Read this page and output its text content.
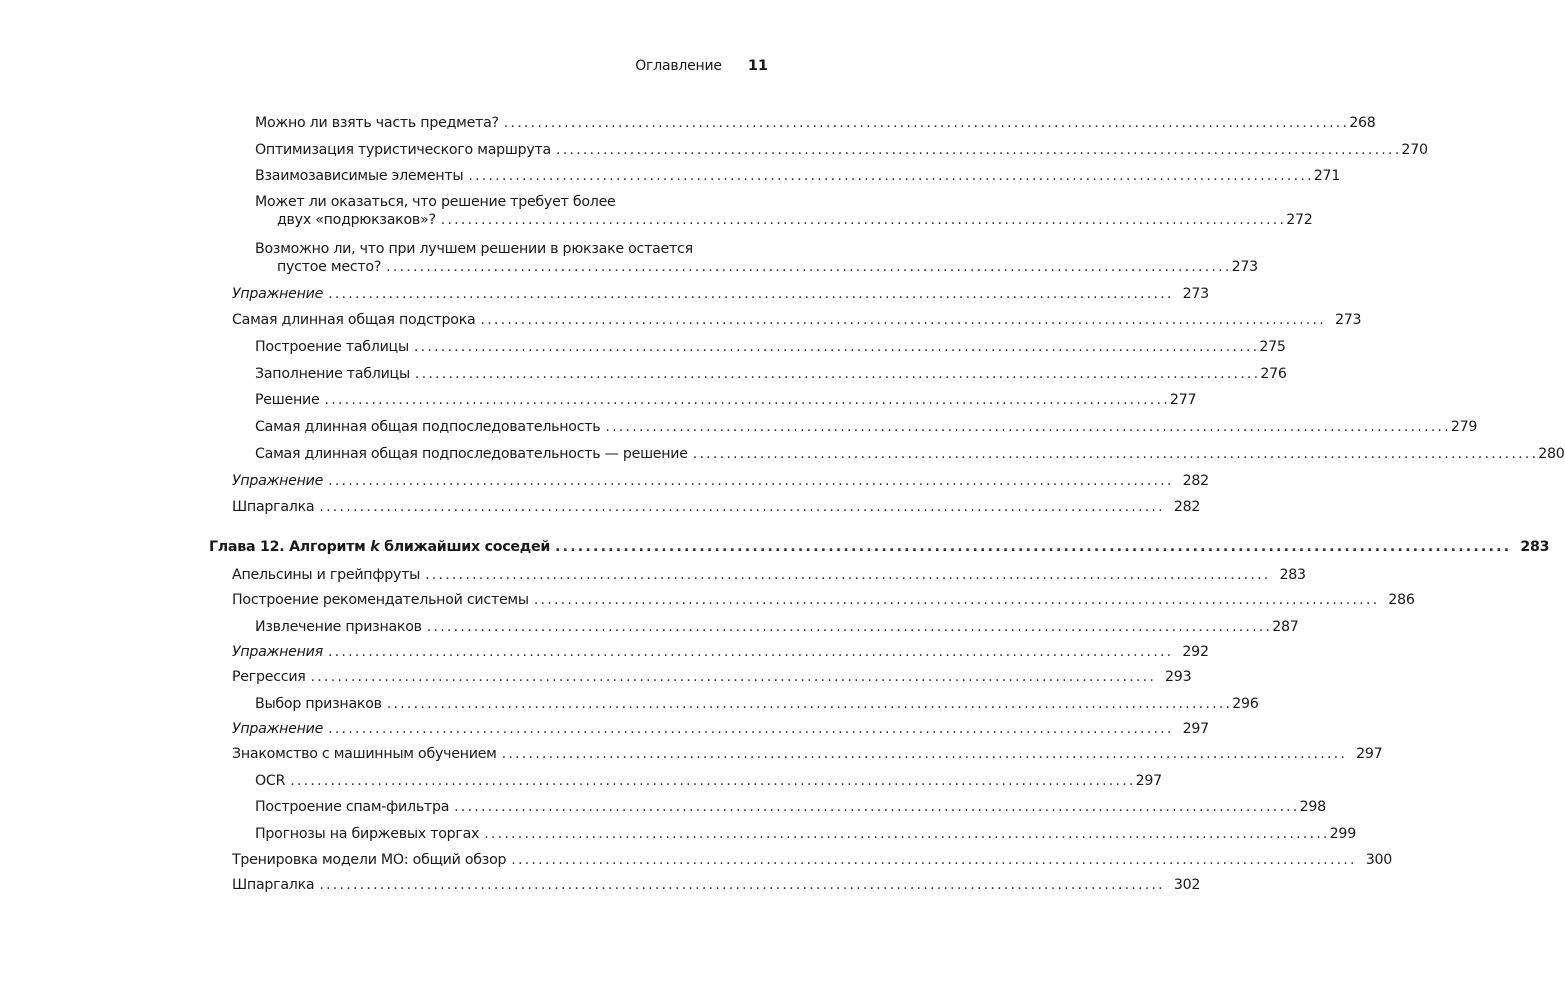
Оглавление 11
Можно ли взять часть предмета? .............................................................................................................................. 268
Оптимизация туристического маршрута .............................................................................................................................. 270
Взаимозависимые элементы .............................................................................................................................. 271
Может ли оказаться, что решение требует более
двух «подрюкзаков»? .............................................................................................................................. 272
Возможно ли, что при лучшем решении в рюкзаке остается
пустое место? .............................................................................................................................. 273
Упражнение .............................................................................................................................. 273
Самая длинная общая подстрока .............................................................................................................................. 273
Построение таблицы .............................................................................................................................. 275
Заполнение таблицы .............................................................................................................................. 276
Решение .............................................................................................................................. 277
Самая длинная общая подпоследовательность .............................................................................................................................. 279
Самая длинная общая подпоследовательность — решение .............................................................................................................................. 280
Упражнение .............................................................................................................................. 282
Шпаргалка .............................................................................................................................. 282
Глава 12. Алгоритм k ближайших соседей .............................................................................................................................. 283
Апельсины и грейпфруты .............................................................................................................................. 283
Построение рекомендательной системы .............................................................................................................................. 286
Извлечение признаков .............................................................................................................................. 287
Упражнения .............................................................................................................................. 292
Регрессия .............................................................................................................................. 293
Выбор признаков .............................................................................................................................. 296
Упражнение .............................................................................................................................. 297
Знакомство с машинным обучением .............................................................................................................................. 297
OCR .............................................................................................................................. 297
Построение спам-фильтра .............................................................................................................................. 298
Прогнозы на биржевых торгах .............................................................................................................................. 299
Тренировка модели МО: общий обзор .............................................................................................................................. 300
Шпаргалка .............................................................................................................................. 302
